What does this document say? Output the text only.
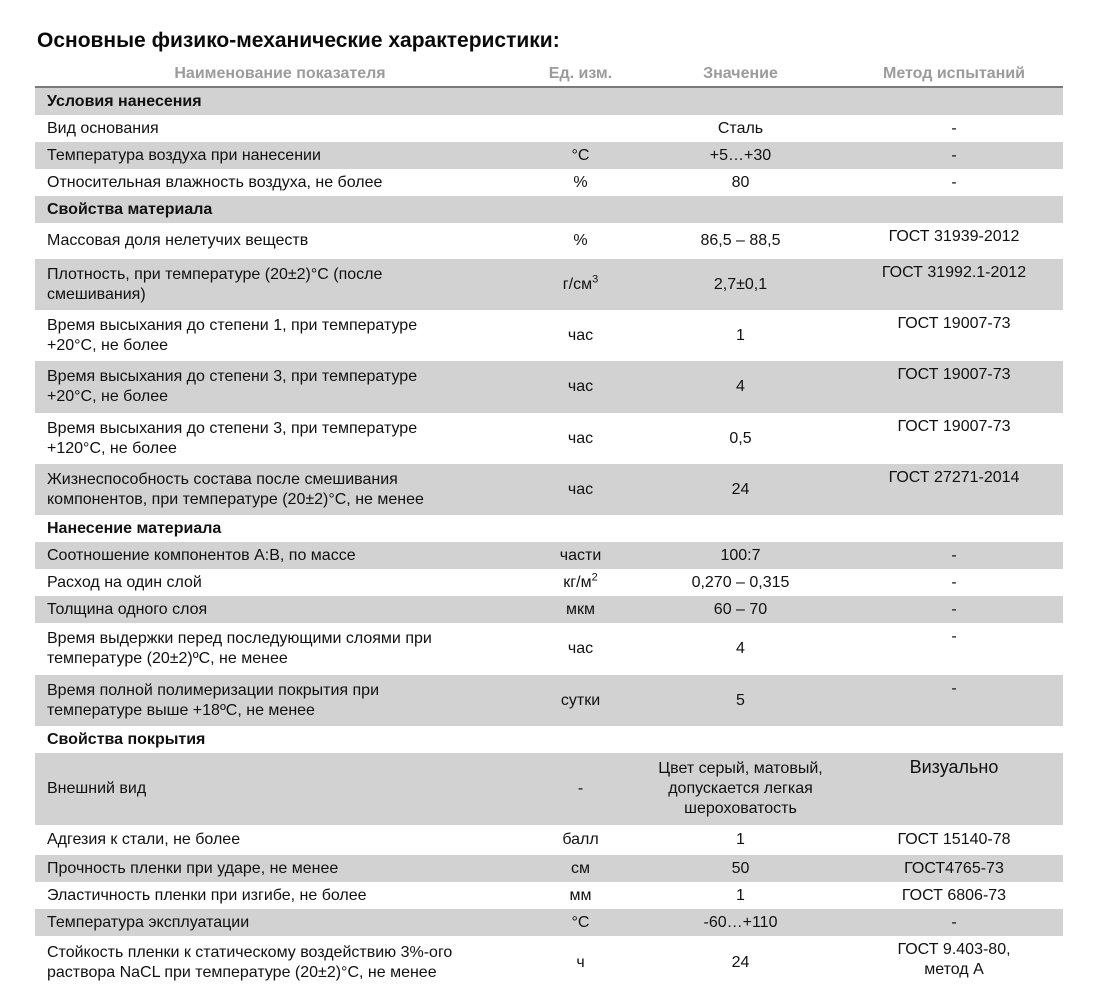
Основные физико-механические характеристики:
Наименование показателя	Ед. изм.	Значение	Метод испытаний
Условия нанесения			
Вид основания		Сталь	-
Температура воздуха при нанесении	°C	+5…+30	-
Относительная влажность воздуха, не более	%	80	-
Свойства материала			
Массовая доля нелетучих веществ	%	86,5 – 88,5	ГОСТ 31939-2012
Плотность, при температуре (20±2)°C (после
смешивания)	$г/см^3$	2,7±0,1	ГОСТ 31992.1-2012
Время высыхания до степени 1, при температуре
+20°C, не более	час	1	ГОСТ 19007-73
Время высыхания до степени 3, при температуре
+20°C, не более	час	4	ГОСТ 19007-73
Время высыхания до степени 3, при температуре
+120°C, не более	час	0,5	ГОСТ 19007-73
Жизнеспособность состава после смешивания
компонентов, при температуре (20±2)°C, не менее	час	24	ГОСТ 27271-2014
Нанесение материала			
Соотношение компонентов А:В, по массе	части	100:7	-
Расход на один слой	$кг/м^2$	0,270 – 0,315	-
Толщина одного слоя	мкм	60 – 70	-
Время выдержки перед последующими слоями при
температуре (20±2)ºC, не менее	час	4	-
Время полной полимеризации покрытия при
температуре выше +18ºC, не менее	сутки	5	-
Свойства покрытия			
Внешний вид	-	Цвет серый, матовый,
допускается легкая
шероховатость	Визуально
Адгезия к стали, не более	балл	1	ГОСТ 15140-78
Прочность пленки при ударе, не менее	см	50	ГОСТ4765-73
Эластичность пленки при изгибе, не более	мм	1	ГОСТ 6806-73
Температура эксплуатации	°C	-60…+110	-
Стойкость пленки к статическому воздействию 3%-ого
раствора NaCL при температуре (20±2)°C, не менее	ч	24	ГОСТ 9.403-80,
метод А
